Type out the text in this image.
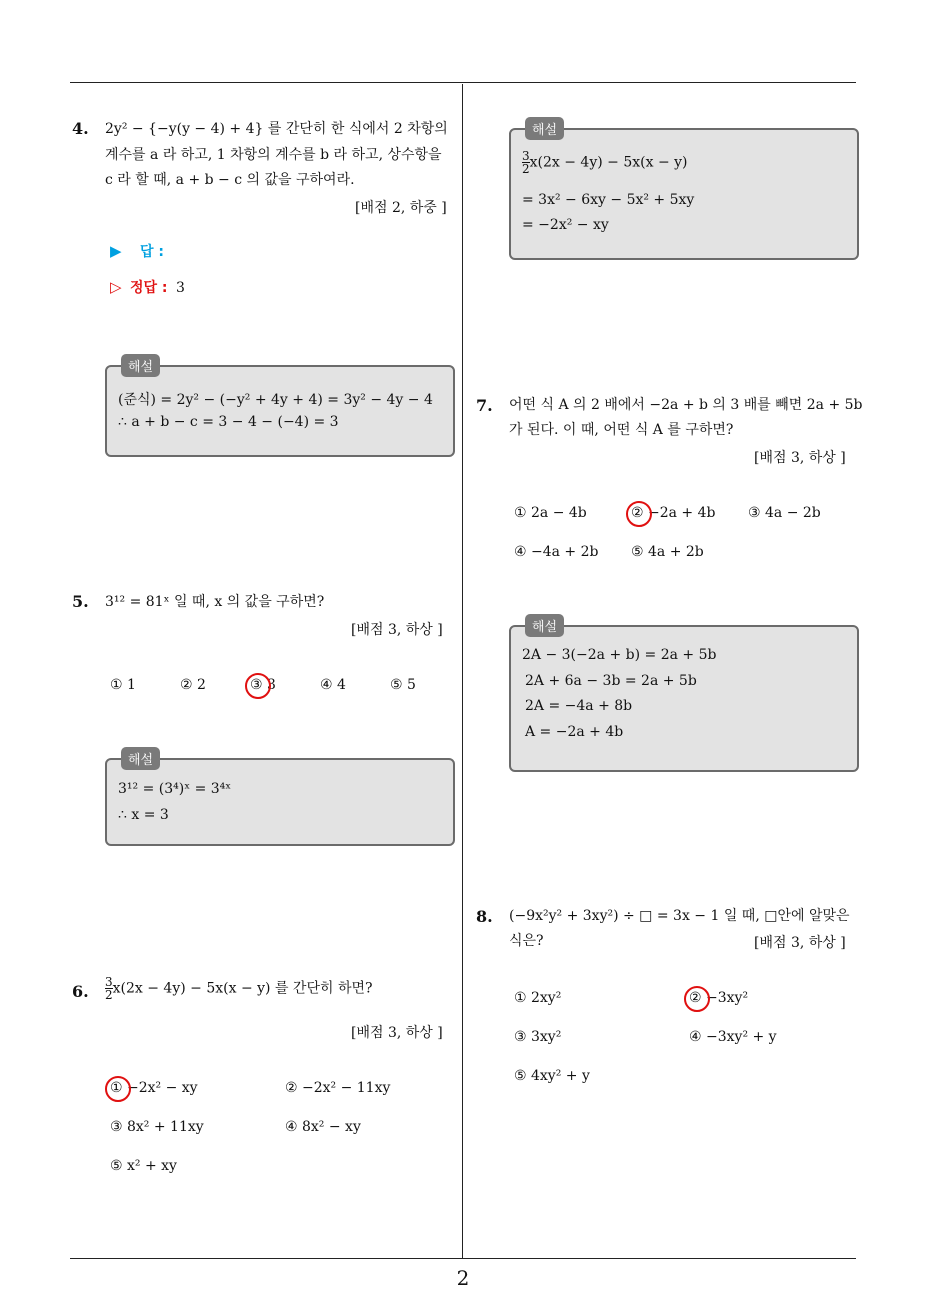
2
4. 2y² − {−y(y − 4) + 4} 를 간단히 한 식에서 2 차항의
계수를 a 라 하고, 1 차항의 계수를 b 라 하고, 상수항을
c 라 할 때, a + b − c 의 값을 구하여라.
[배점 2, 하중 ]
▶ 답 :
▷ 정답 : 3
해설
(준식) = 2y² − (−y² + 4y + 4) = 3y² − 4y − 4
∴ a + b − c = 3 − 4 − (−4) = 3
5. 3¹² = 81ˣ 일 때, x 의 값을 구하면?
[배점 3, 하상 ]
① 1	② 2	③ 3	④ 4	⑤ 5
해설
3¹² = (3⁴)ˣ = 3⁴ˣ
∴ x = 3
6. $\frac{3}{2} x(2x - 4y) - 5x(x - y)$ 를 간단히 하면?
[배점 3, 하상 ]
① −2x² − xy	② −2x² − 11xy
③ 8x² + 11xy	④ 8x² − xy
⑤ x² + xy
해설
$\frac{3}{2} x(2x - 4y) - 5x(x - y)$
= 3x² − 6xy − 5x² + 5xy
= −2x² − xy
7. 어떤 식 A 의 2 배에서 −2a + b 의 3 배를 빼면 2a + 5b
가 된다. 이 때, 어떤 식 A 를 구하면?
[배점 3, 하상 ]
① 2a − 4b	② −2a + 4b ③ 4a − 2b
④ −4a + 2b ⑤ 4a + 2b
해설
2A − 3(−2a + b) = 2a + 5b
2A + 6a − 3b = 2a + 5b
2A = −4a + 8b
A = −2a + 4b
8. (−9x²y² + 3xy²) ÷ □ = 3x − 1 일 때, □안에 알맞은
식은?	[배점 3, 하상 ]
① 2xy²	② −3xy²
③ 3xy²	④ −3xy² + y
⑤ 4xy² + y
